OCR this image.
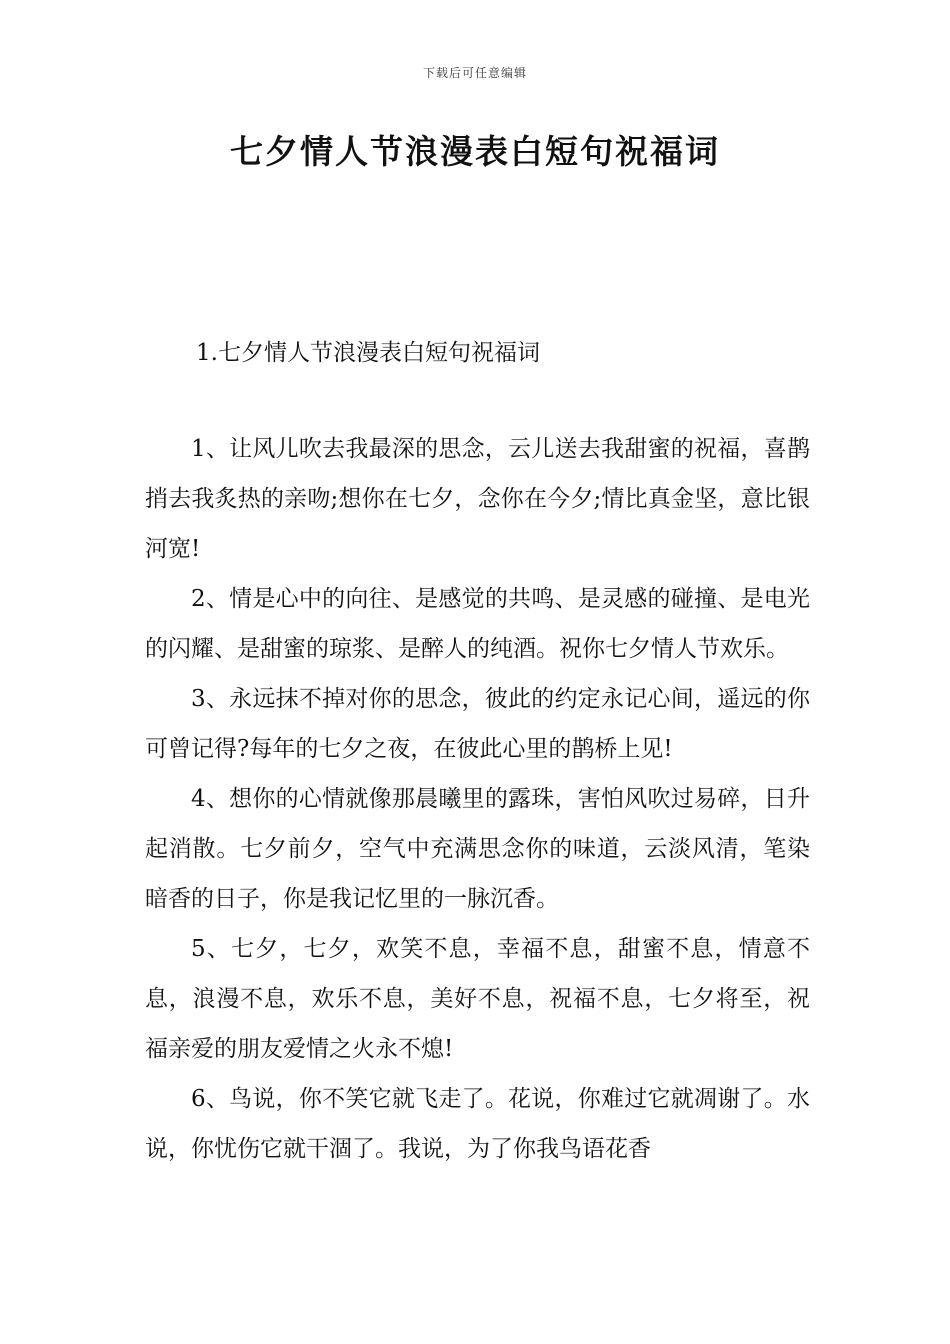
下载后可任意编辑
七夕情人节浪漫表白短句祝福词
1.七夕情人节浪漫表白短句祝福词

1、让风儿吹去我最深的思念，云儿送去我甜蜜的祝福，喜鹊捎去我炙热的亲吻;想你在七夕，念你在今夕;情比真金坚，意比银河宽!

2、情是心中的向往、是感觉的共鸣、是灵感的碰撞、是电光的闪耀、是甜蜜的琼浆、是醉人的纯酒。祝你七夕情人节欢乐。

3、永远抹不掉对你的思念，彼此的约定永记心间，遥远的你可曾记得?每年的七夕之夜，在彼此心里的鹊桥上见!

4、想你的心情就像那晨曦里的露珠，害怕风吹过易碎，日升起消散。七夕前夕，空气中充满思念你的味道，云淡风清，笔染暗香的日子，你是我记忆里的一脉沉香。

5、七夕，七夕，欢笑不息，幸福不息，甜蜜不息，情意不息，浪漫不息，欢乐不息，美好不息，祝福不息，七夕将至，祝福亲爱的朋友爱情之火永不熄!

6、鸟说，你不笑它就飞走了。花说，你难过它就凋谢了。水说，你忧伤它就干涸了。我说，为了你我鸟语花香
